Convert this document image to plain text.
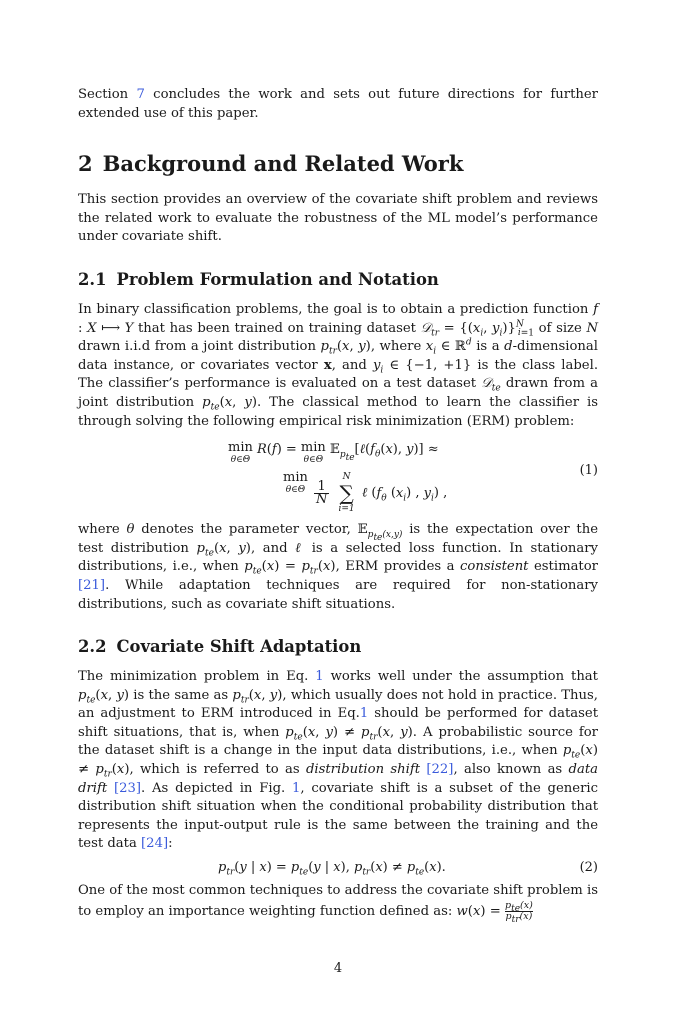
Section 7 concludes the work and sets out future directions for further extended use of this paper.

2 Background and Related Work

This section provides an overview of the covariate shift problem and reviews the related work to evaluate the robustness of the ML model’s performance under covariate shift.

2.1 Problem Formulation and Notation

In binary classification problems, the goal is to obtain a prediction function f : X ⟼ Y that has been trained on training dataset 𝒟$_{tr}$ = {($x_i$, $y_i)\}^N_{i=1}$ of size N drawn i.i.d from a joint distribution $p_{tr}(x$, y), where $x_i$ ∈ ℝ$^d$ is a d-dimensional data instance, or covariates vector x, and $y_i$ ∈ {−1, +1} is the class label. The classifier’s performance is evaluated on a test dataset 𝒟$_{te}$ drawn from a joint distribution $p_{te}(x$, y). The classical method to learn the classifier is through solving the following empirical risk minimization (ERM) problem:

min
θ∈Θ
R(f) = min
θ∈Θ
$𝔼_{p_{te}}[\ell(f_\theta(x)$, y)] ≈
min
θ∈Θ
$\frac{1}{N}$

N
∑
i=1
ℓ ($f_\theta$ $(x_i)$ , $y_i$) ,
(1)

where θ denotes the parameter vector, 𝔼$_{p_{te}(x,y)}$ is the expectation over the test distribution $p_{te}(x$, y), and ℓ is a selected loss function. In stationary distributions, i.e., when $p_{te}(x) = p_{tr}(x)$, ERM provides a consistent estimator [21]. While adaptation techniques are required for non-stationary distributions, such as covariate shift situations.

2.2 Covariate Shift Adaptation

The minimization problem in Eq. 1 works well under the assumption that $p_{te}(x$, y) is the same as $p_{tr}(x$, y), which usually does not hold in practice. Thus, an adjustment to ERM introduced in Eq.1 should be performed for dataset shift situations, that is, when $p_{te}(x$, $y) \ne p_{tr}(x$, y). A probabilistic source for the dataset shift is a change in the input data distributions, i.e., when $p_{te}(x) \ne p_{tr}(x)$, which is referred to as distribution shift [22], also known as data drift [23]. As depicted in Fig. 1, covariate shift is a subset of the generic distribution shift situation when the conditional probability distribution that represents the input-output rule is the same between the training and the test data [24]:

$p_{tr}(y$ | $x) = p_{te}(y$ | x), $p_{tr}(x) \ne p_{te}(x)$.	(2)

One of the most common techniques to address the covariate shift problem is to employ an importance weighting function defined as: $w(x) = \frac{p_{te}(x)}{p_{tr}(x)}$

4
